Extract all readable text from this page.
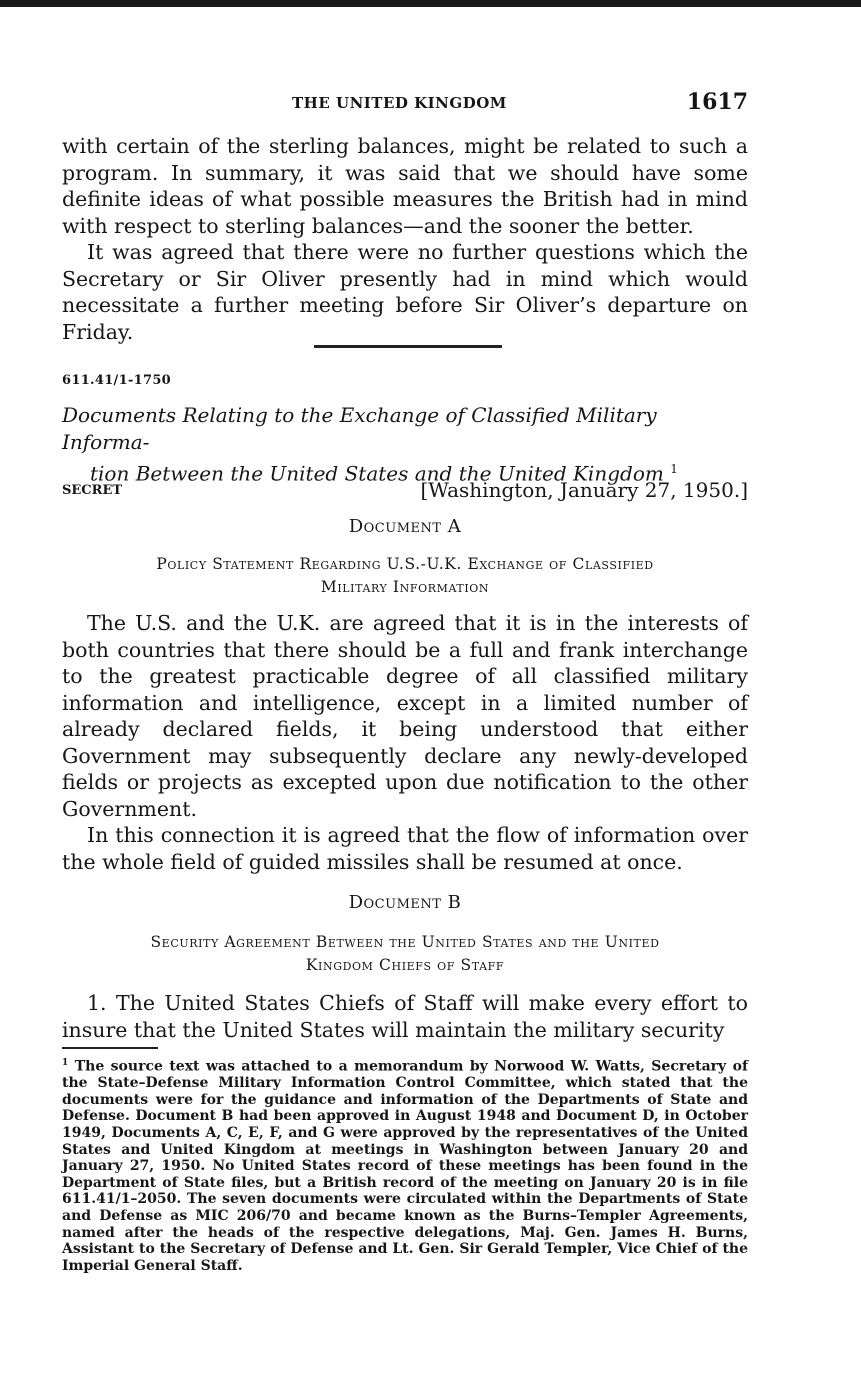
THE UNITED KINGDOM	1617

with certain of the sterling balances, might be related to such a program. In summary, it was said that we should have some definite ideas of what possible measures the British had in mind with respect to sterling balances—and the sooner the better.

It was agreed that there were no further questions which the Secretary or Sir Oliver presently had in mind which would necessitate a further meeting before Sir Oliver’s departure on Friday.

611.41/1-1750
Documents Relating to the Exchange of Classified Military Informa-
tion Between the United States and the United Kingdom $^1$
SECRET	[Washington, January 27, 1950.]
Document A
Policy Statement Regarding U.S.-U.K. Exchange of Classified
Military Information

The U.S. and the U.K. are agreed that it is in the interests of both countries that there should be a full and frank interchange to the greatest practicable degree of all classified military information and intelligence, except in a limited number of already declared fields, it being understood that either Government may subsequently declare any newly-developed fields or projects as excepted upon due notification to the other Government.

In this connection it is agreed that the flow of information over the whole field of guided missiles shall be resumed at once.

Document B
Security Agreement Between the United States and the United
Kingdom Chiefs of Staff

1. The United States Chiefs of Staff will make every effort to insure that the United States will maintain the military security

$^1$ The source text was attached to a memorandum by Norwood W. Watts, Secretary of the State–Defense Military Information Control Committee, which stated that the documents were for the guidance and information of the Departments of State and Defense. Document B had been approved in August 1948 and Document D, in October 1949, Documents A, C, E, F, and G were approved by the representatives of the United States and United Kingdom at meetings in Washington between January 20 and January 27, 1950. No United States record of these meetings has been found in the Department of State files, but a British record of the meeting on January 20 is in file 611.41/1–2050. The seven documents were circulated within the Departments of State and Defense as MIC 206/70 and became known as the Burns–Templer Agreements, named after the heads of the respective delegations, Maj. Gen. James H. Burns, Assistant to the Secretary of Defense and Lt. Gen. Sir Gerald Templer, Vice Chief of the Imperial General Staff.
